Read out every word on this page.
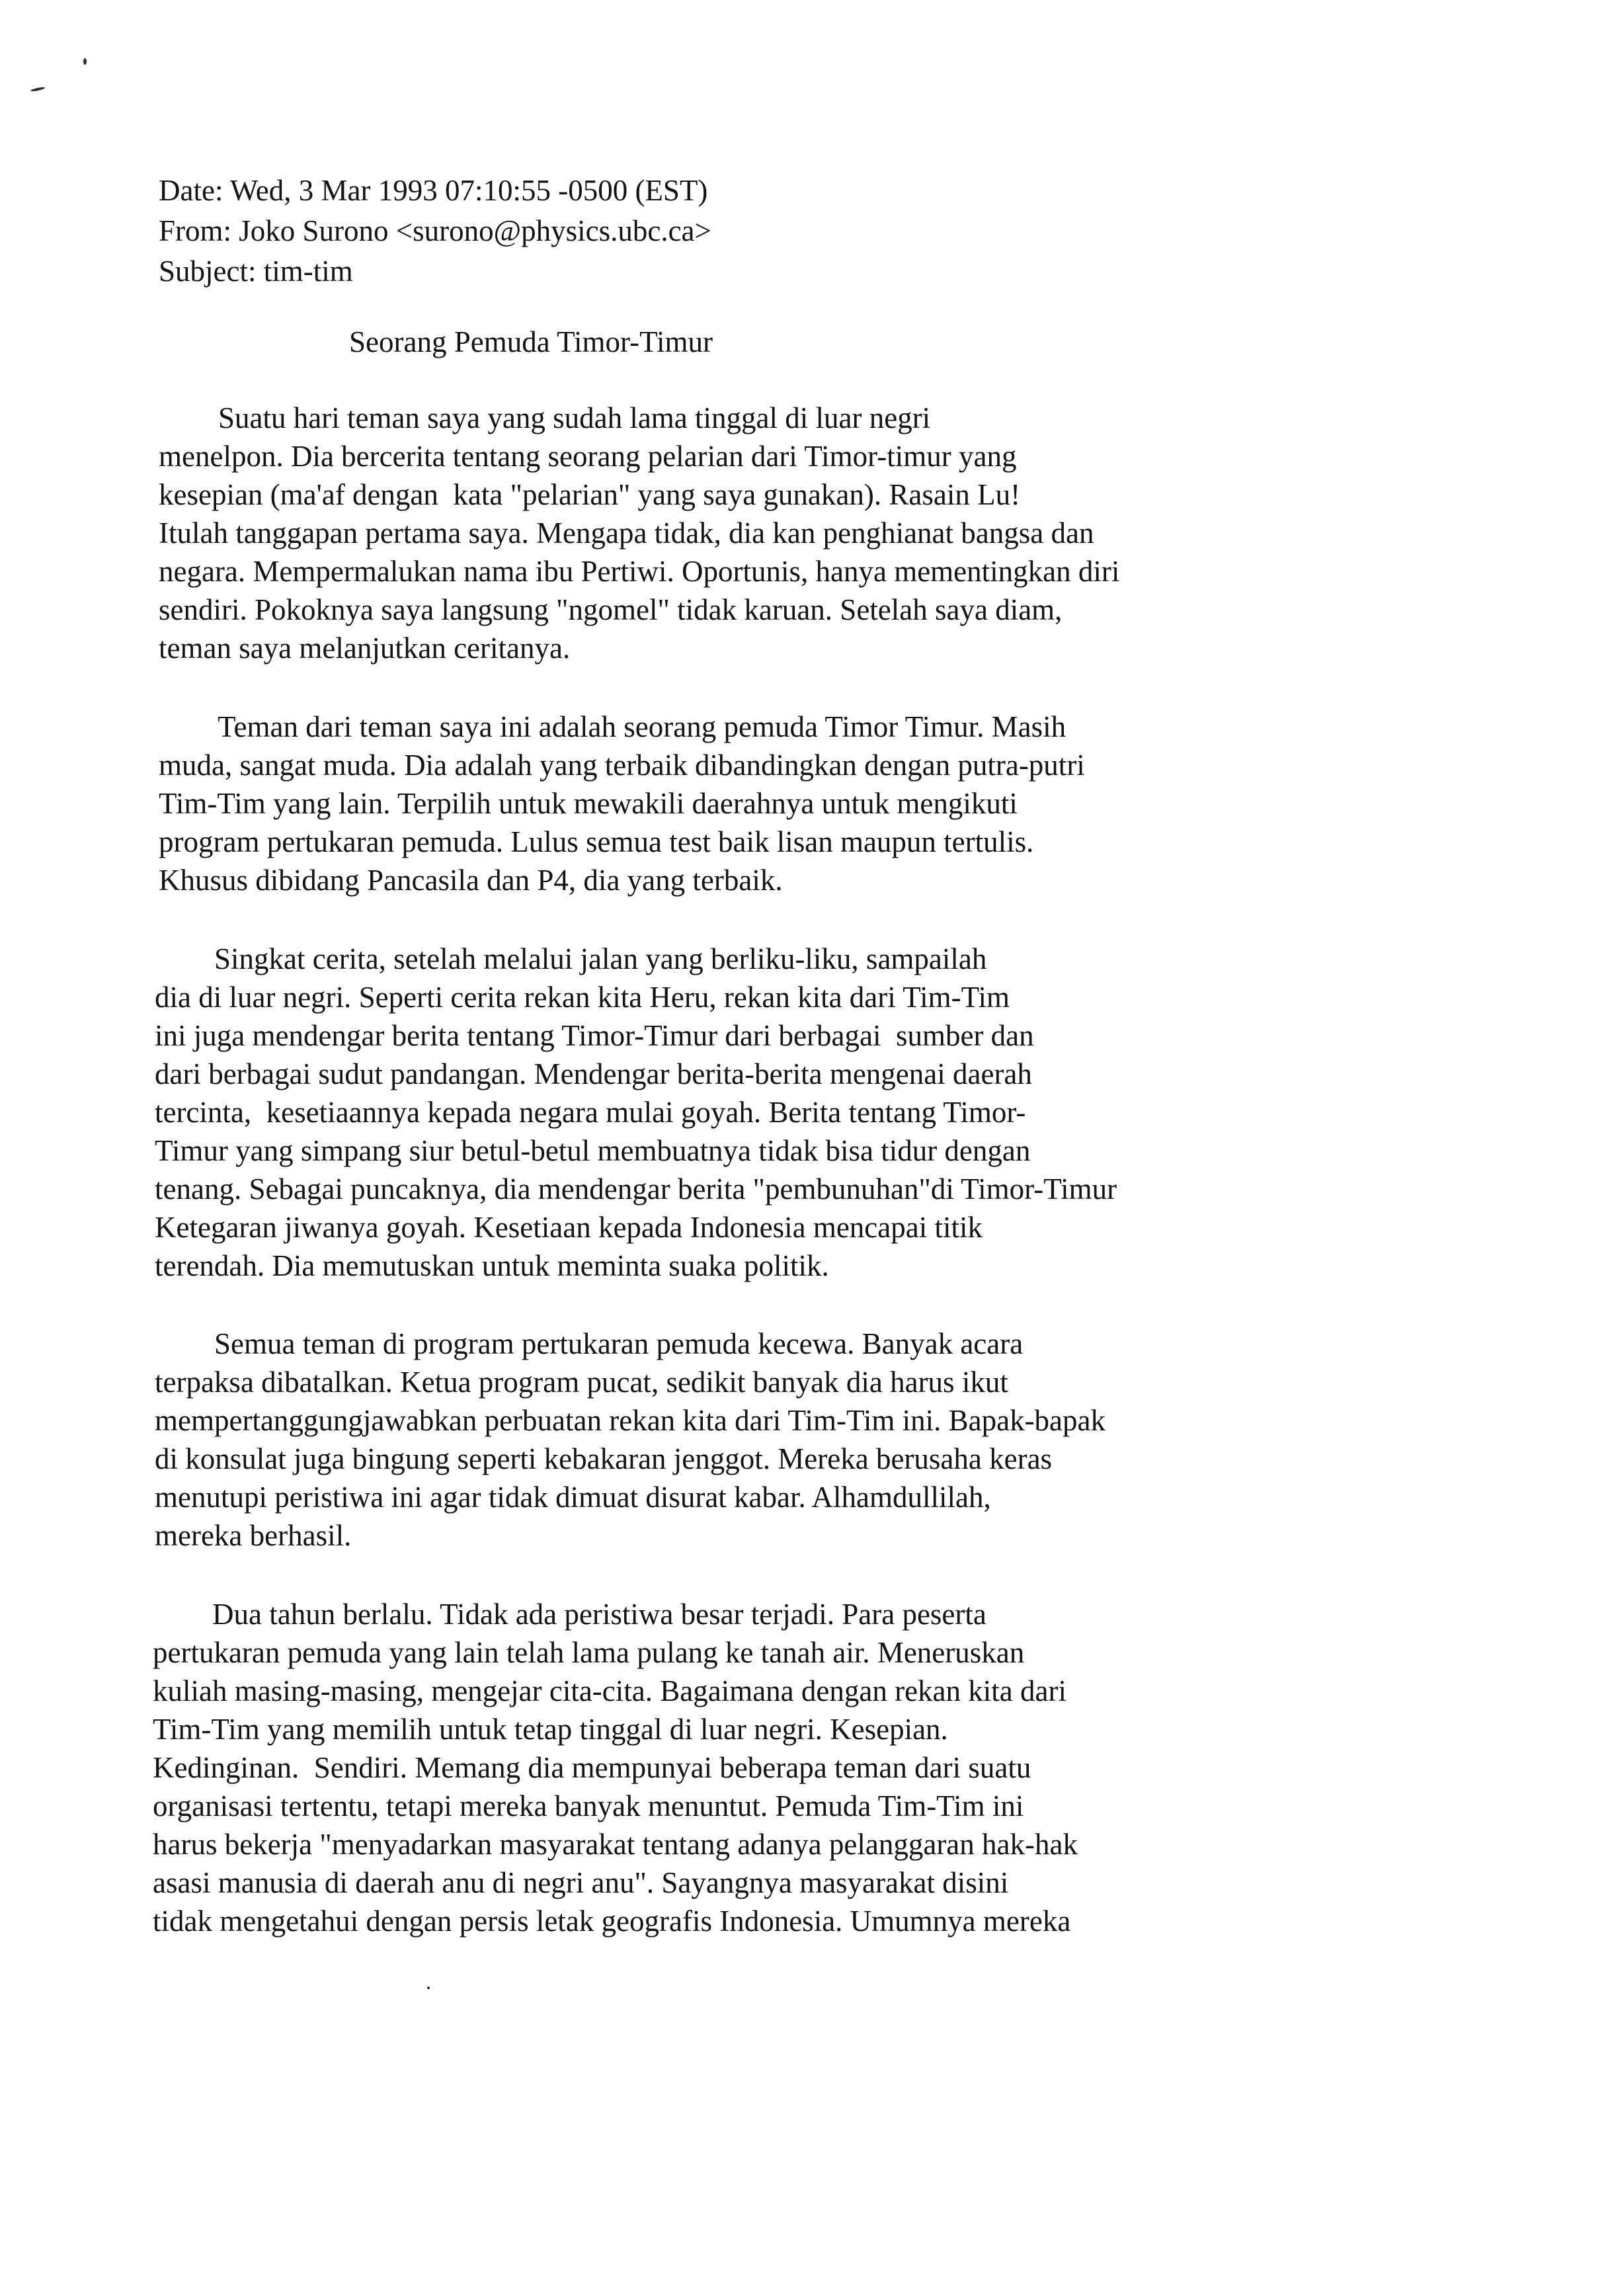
Date: Wed, 3 Mar 1993 07:10:55 -0500 (EST)
From: Joko Surono <surono@physics.ubc.ca>
Subject: tim-tim
Seorang Pemuda Timor-Timur
Suatu hari teman saya yang sudah lama tinggal di luar negri
menelpon. Dia bercerita tentang seorang pelarian dari Timor-timur yang
kesepian (ma'af dengan  kata "pelarian" yang saya gunakan). Rasain Lu!
Itulah tanggapan pertama saya. Mengapa tidak, dia kan penghianat bangsa dan
negara. Mempermalukan nama ibu Pertiwi. Oportunis, hanya mementingkan diri
sendiri. Pokoknya saya langsung "ngomel" tidak karuan. Setelah saya diam,
teman saya melanjutkan ceritanya.
Teman dari teman saya ini adalah seorang pemuda Timor Timur. Masih
muda, sangat muda. Dia adalah yang terbaik dibandingkan dengan putra-putri
Tim-Tim yang lain. Terpilih untuk mewakili daerahnya untuk mengikuti
program pertukaran pemuda. Lulus semua test baik lisan maupun tertulis.
Khusus dibidang Pancasila dan P4, dia yang terbaik.
Singkat cerita, setelah melalui jalan yang berliku-liku, sampailah
dia di luar negri. Seperti cerita rekan kita Heru, rekan kita dari Tim-Tim
ini juga mendengar berita tentang Timor-Timur dari berbagai  sumber dan
dari berbagai sudut pandangan. Mendengar berita-berita mengenai daerah
tercinta,  kesetiaannya kepada negara mulai goyah. Berita tentang Timor-
Timur yang simpang siur betul-betul membuatnya tidak bisa tidur dengan
tenang. Sebagai puncaknya, dia mendengar berita "pembunuhan"di Timor-Timur
Ketegaran jiwanya goyah. Kesetiaan kepada Indonesia mencapai titik
terendah. Dia memutuskan untuk meminta suaka politik.
Semua teman di program pertukaran pemuda kecewa. Banyak acara
terpaksa dibatalkan. Ketua program pucat, sedikit banyak dia harus ikut
mempertanggungjawabkan perbuatan rekan kita dari Tim-Tim ini. Bapak-bapak
di konsulat juga bingung seperti kebakaran jenggot. Mereka berusaha keras
menutupi peristiwa ini agar tidak dimuat disurat kabar. Alhamdullilah,
mereka berhasil.
Dua tahun berlalu. Tidak ada peristiwa besar terjadi. Para peserta
pertukaran pemuda yang lain telah lama pulang ke tanah air. Meneruskan
kuliah masing-masing, mengejar cita-cita. Bagaimana dengan rekan kita dari
Tim-Tim yang memilih untuk tetap tinggal di luar negri. Kesepian.
Kedinginan.  Sendiri. Memang dia mempunyai beberapa teman dari suatu
organisasi tertentu, tetapi mereka banyak menuntut. Pemuda Tim-Tim ini
harus bekerja "menyadarkan masyarakat tentang adanya pelanggaran hak-hak
asasi manusia di daerah anu di negri anu". Sayangnya masyarakat disini
tidak mengetahui dengan persis letak geografis Indonesia. Umumnya mereka
